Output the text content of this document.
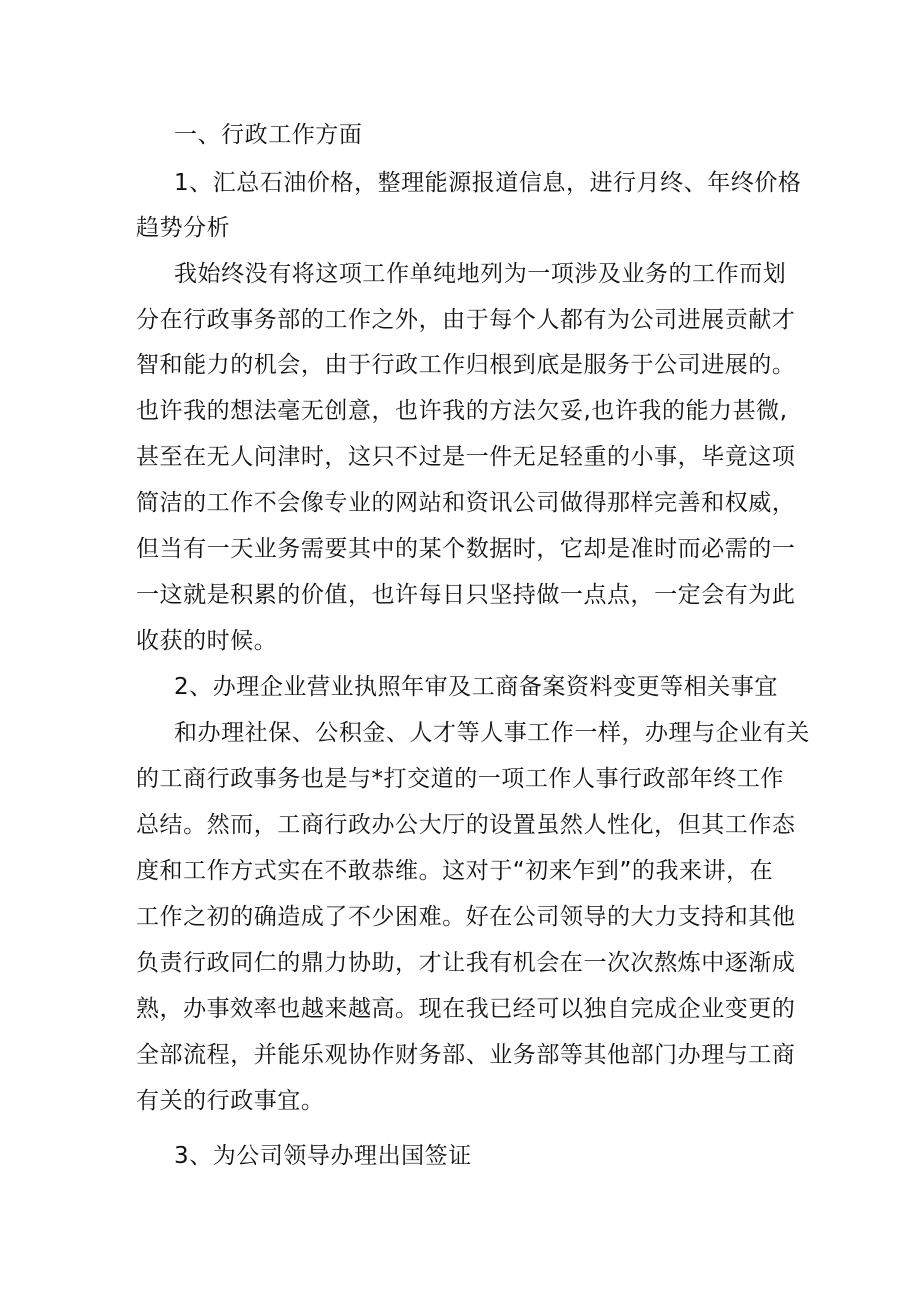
一、行政工作方面
1、汇总石油价格，整理能源报道信息，进行月终、年终价格
趋势分析
我始终没有将这项工作单纯地列为一项涉及业务的工作而划
分在行政事务部的工作之外，由于每个人都有为公司进展贡献才
智和能力的机会，由于行政工作归根到底是服务于公司进展的。
也许我的想法毫无创意，也许我的方法欠妥,也许我的能力甚微,
甚至在无人问津时，这只不过是一件无足轻重的小事，毕竟这项
简洁的工作不会像专业的网站和资讯公司做得那样完善和权威，
但当有一天业务需要其中的某个数据时，它却是准时而必需的一
一这就是积累的价值，也许每日只坚持做一点点，一定会有为此
收获的时候。
2、办理企业营业执照年审及工商备案资料变更等相关事宜
和办理社保、公积金、人才等人事工作一样，办理与企业有关
的工商行政事务也是与*打交道的一项工作人事行政部年终工作
总结。然而，工商行政办公大厅的设置虽然人性化，但其工作态
度和工作方式实在不敢恭维。这对于“初来乍到”的我来讲，在
工作之初的确造成了不少困难。好在公司领导的大力支持和其他
负责行政同仁的鼎力协助，才让我有机会在一次次熬炼中逐渐成
熟，办事效率也越来越高。现在我已经可以独自完成企业变更的
全部流程，并能乐观协作财务部、业务部等其他部门办理与工商
有关的行政事宜。
3、为公司领导办理出国签证
